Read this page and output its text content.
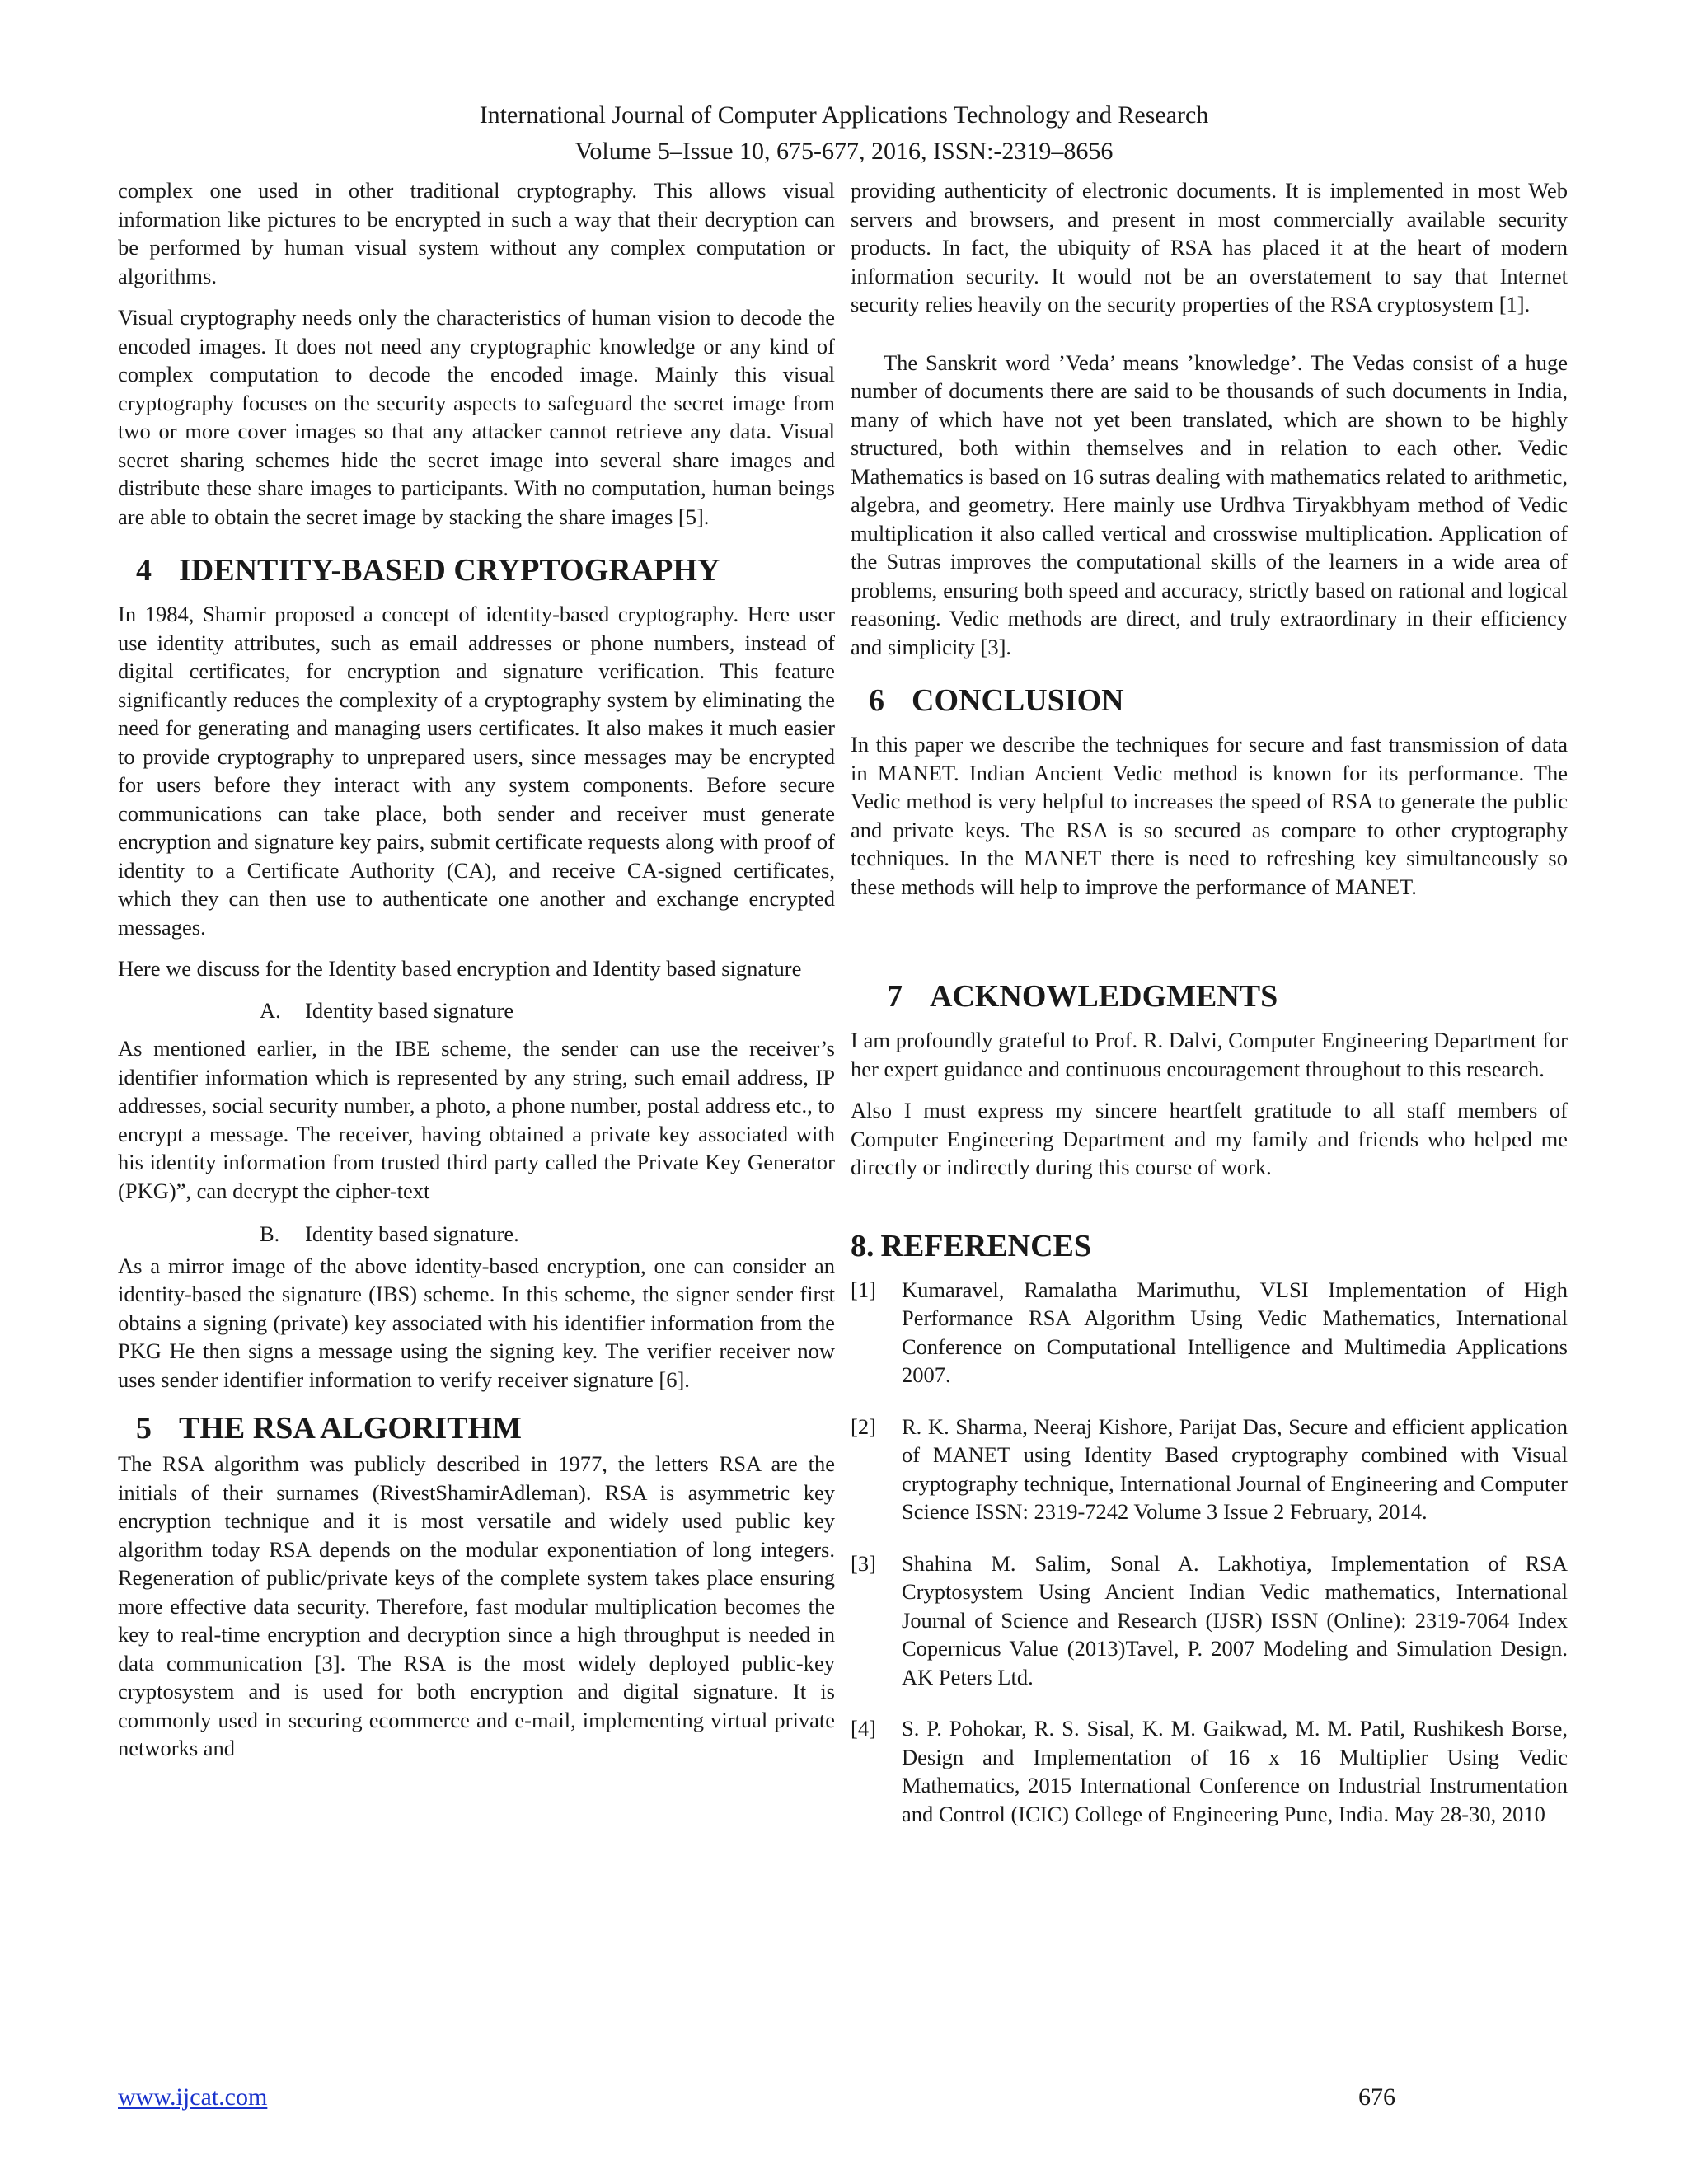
International Journal of Computer Applications Technology and Research
Volume 5–Issue 10, 675-677, 2016, ISSN:-2319–8656

complex one used in other traditional cryptography. This allows visual information like pictures to be encrypted in such a way that their decryption can be performed by human visual system without any complex computation or algorithms.

Visual cryptography needs only the characteristics of human vision to decode the encoded images. It does not need any cryptographic knowledge or any kind of complex computation to decode the encoded image. Mainly this visual cryptography focuses on the security aspects to safeguard the secret image from two or more cover images so that any attacker cannot retrieve any data. Visual secret sharing schemes hide the secret image into several share images and distribute these share images to participants. With no computation, human beings are able to obtain the secret image by stacking the share images [5].

4 IDENTITY-BASED CRYPTOGRAPHY

In 1984, Shamir proposed a concept of identity-based cryptography. Here user use identity attributes, such as email addresses or phone numbers, instead of digital certificates, for encryption and signature verification. This feature significantly reduces the complexity of a cryptography system by eliminating the need for generating and managing users certificates. It also makes it much easier to provide cryptography to unprepared users, since messages may be encrypted for users before they interact with any system components. Before secure communications can take place, both sender and receiver must generate encryption and signature key pairs, submit certificate requests along with proof of identity to a Certificate Authority (CA), and receive CA-signed certificates, which they can then use to authenticate one another and exchange encrypted messages.

Here we discuss for the Identity based encryption and Identity based signature

A.	Identity based signature

As mentioned earlier, in the IBE scheme, the sender can use the receiver’s identifier information which is represented by any string, such email address, IP addresses, social security number, a photo, a phone number, postal address etc., to encrypt a message. The receiver, having obtained a private key associated with his identity information from trusted third party called the Private Key Generator (PKG)”, can decrypt the cipher-text

B.	Identity based signature.

As a mirror image of the above identity-based encryption, one can consider an identity-based the signature (IBS) scheme. In this scheme, the signer sender first obtains a signing (private) key associated with his identifier information from the PKG He then signs a message using the signing key. The verifier receiver now uses sender identifier information to verify receiver signature [6].

5 THE RSA ALGORITHM

The RSA algorithm was publicly described in 1977, the letters RSA are the initials of their surnames (RivestShamirAdleman). RSA is asymmetric key encryption technique and it is most versatile and widely used public key algorithm today RSA depends on the modular exponentiation of long integers. Regeneration of public/private keys of the complete system takes place ensuring more effective data security. Therefore, fast modular multiplication becomes the key to real-time encryption and decryption since a high throughput is needed in data communication [3]. The RSA is the most widely deployed public-key cryptosystem and is used for both encryption and digital signature. It is commonly used in securing ecommerce and e-mail, implementing virtual private networks and

providing authenticity of electronic documents. It is implemented in most Web servers and browsers, and present in most commercially available security products. In fact, the ubiquity of RSA has placed it at the heart of modern information security. It would not be an overstatement to say that Internet security relies heavily on the security properties of the RSA cryptosystem [1].

The Sanskrit word ’Veda’ means ’knowledge’. The Vedas consist of a huge number of documents there are said to be thousands of such documents in India, many of which have not yet been translated, which are shown to be highly structured, both within themselves and in relation to each other. Vedic Mathematics is based on 16 sutras dealing with mathematics related to arithmetic, algebra, and geometry. Here mainly use Urdhva Tiryakbhyam method of Vedic multiplication it also called vertical and crosswise multiplication. Application of the Sutras improves the computational skills of the learners in a wide area of problems, ensuring both speed and accuracy, strictly based on rational and logical reasoning. Vedic methods are direct, and truly extraordinary in their efficiency and simplicity [3].

6 CONCLUSION

In this paper we describe the techniques for secure and fast transmission of data in MANET. Indian Ancient Vedic method is known for its performance. The Vedic method is very helpful to increases the speed of RSA to generate the public and private keys. The RSA is so secured as compare to other cryptography techniques. In the MANET there is need to refreshing key simultaneously so these methods will help to improve the performance of MANET.

7 ACKNOWLEDGMENTS

I am profoundly grateful to Prof. R. Dalvi, Computer Engineering Department for her expert guidance and continuous encouragement throughout to this research.

Also I must express my sincere heartfelt gratitude to all staff members of Computer Engineering Department and my family and friends who helped me directly or indirectly during this course of work.

8. REFERENCES
[1]	Kumaravel, Ramalatha Marimuthu, VLSI Implementation of High Performance RSA Algorithm Using Vedic Mathematics, International Conference on Computational Intelligence and Multimedia Applications 2007.
[2]	R. K. Sharma, Neeraj Kishore, Parijat Das, Secure and efficient application of MANET using Identity Based cryptography combined with Visual cryptography technique, International Journal of Engineering and Computer Science ISSN: 2319-7242 Volume 3 Issue 2 February, 2014.
[3]	Shahina M. Salim, Sonal A. Lakhotiya, Implementation of RSA Cryptosystem Using Ancient Indian Vedic mathematics, International Journal of Science and Research (IJSR) ISSN (Online): 2319-7064 Index Copernicus Value (2013)Tavel, P. 2007 Modeling and Simulation Design. AK Peters Ltd.
[4]	S. P. Pohokar, R. S. Sisal, K. M. Gaikwad, M. M. Patil, Rushikesh Borse, Design and Implementation of 16 x 16 Multiplier Using Vedic Mathematics, 2015 International Conference on Industrial Instrumentation and Control (ICIC) College of Engineering Pune, India. May 28-30, 2010
www.ijcat.com	676
